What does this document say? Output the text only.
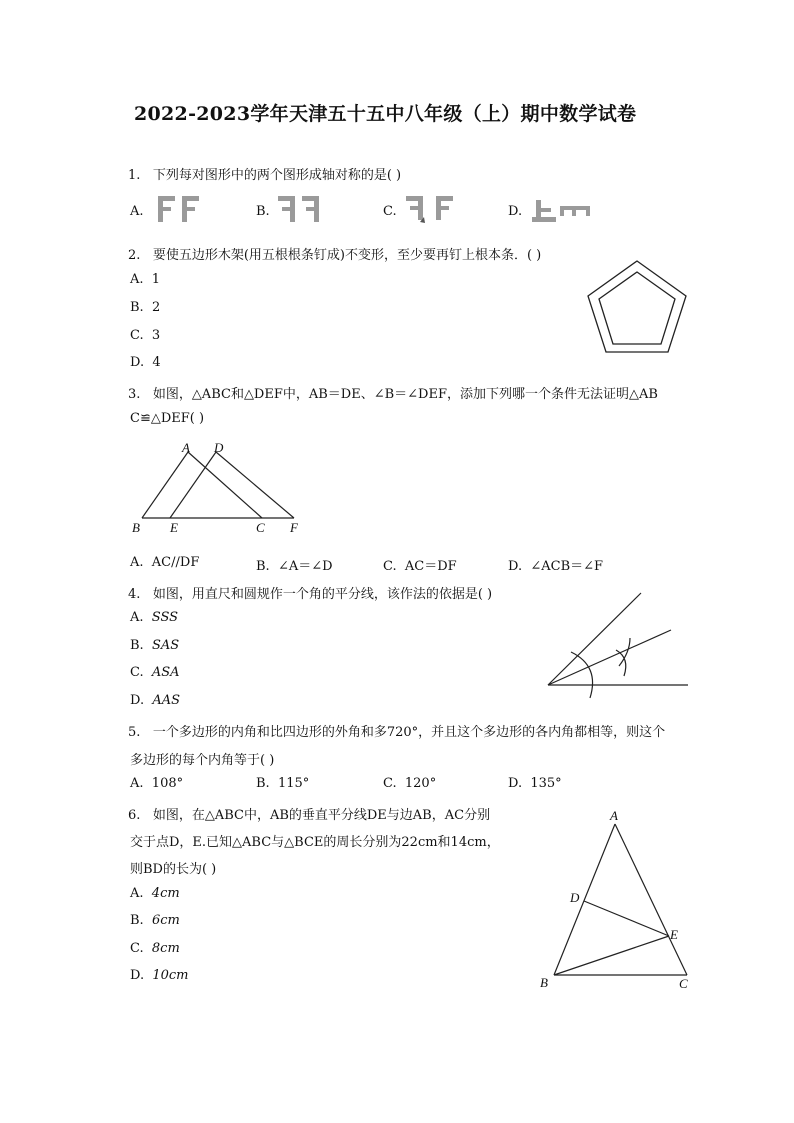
2022-2023学年天津五十五中八年级（上）期中数学试卷
1. 下列每对图形中的两个图形成轴对称的是( )
A.	B.	C.	D.
2. 要使五边形木架(用五根根条钉成)不变形，至少要再钉上根本条．( )
A. 1
B. 2
C. 3
D. 4
3. 如图，△ABC和△DEF中，AB＝DE、∠B＝∠DEF，添加下列哪一个条件无法证明△AB
C≌△DEF( )
A D
B E	C F
A. AC//DF	B. ∠A＝∠D	C. AC＝DF	D. ∠ACB＝∠F
4. 如图，用直尺和圆规作一个角的平分线，该作法的依据是( )
A. SSS
B. SAS
C. ASA
D. AAS
5. 一个多边形的内角和比四边形的外角和多720°，并且这个多边形的各内角都相等，则这个
多边形的每个内角等于( )
A. 108°	B. 115°	C. 120°	D. 135°
6. 如图，在△ABC中，AB的垂直平分线DE与边AB，AC分别
交于点D，E.已知△ABC与△BCE的周长分别为22cm和14cm，
则BD的长为( )
A. 4cm
B. 6cm
C. 8cm
D. 10cm
A
D
E
B	C
